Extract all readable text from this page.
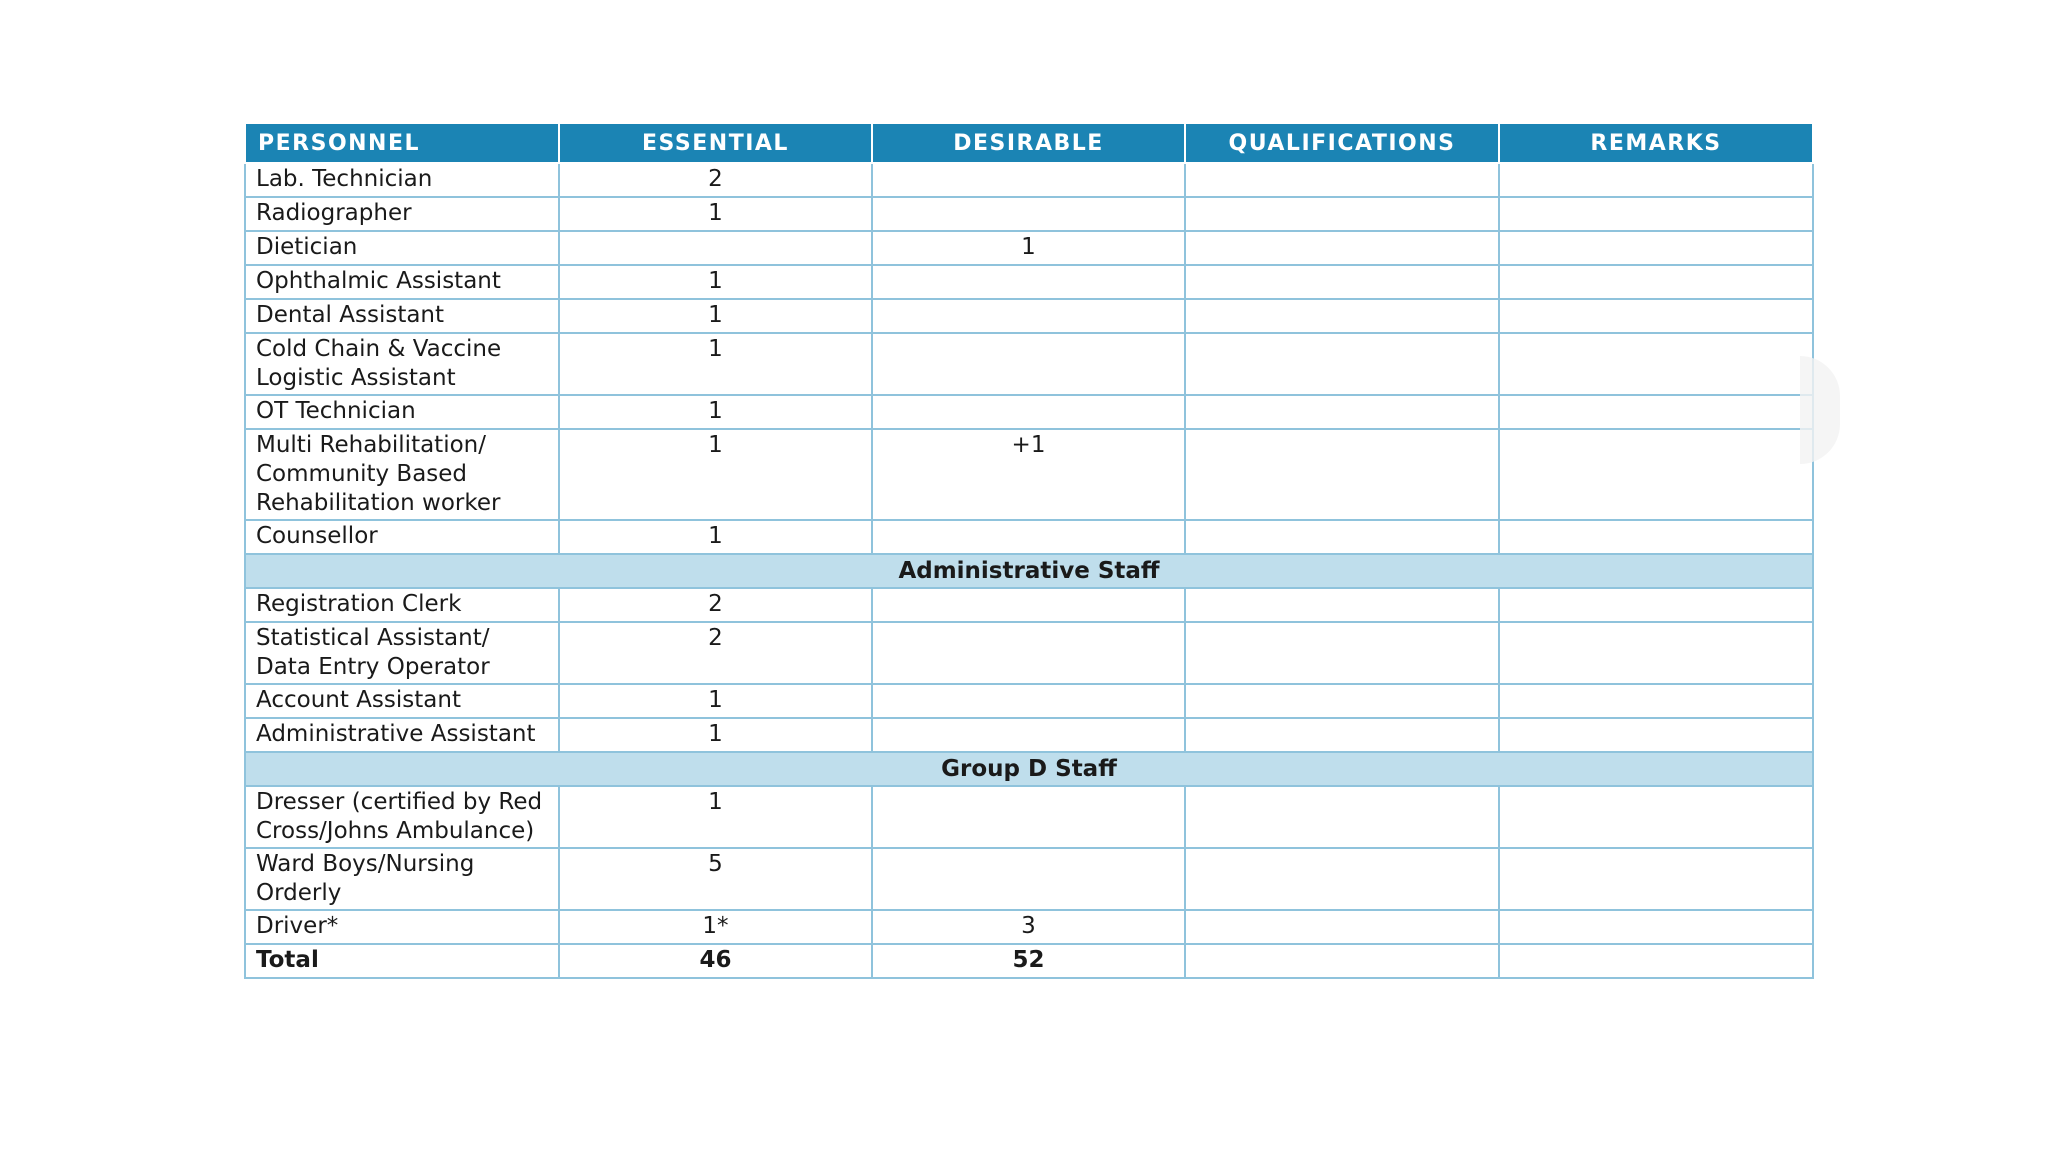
PERSONNEL	ESSENTIAL	DESIRABLE	QUALIFICATIONS	REMARKS
Lab. Technician	2			
Radiographer	1			
Dietician		1		
Ophthalmic Assistant	1			
Dental Assistant	1			
Cold Chain & Vaccine Logistic Assistant	1			
OT Technician	1			
Multi Rehabilitation/ Community Based Rehabilitation worker	1	+1		
Counsellor	1			
Administrative Staff				
Registration Clerk	2			
Statistical Assistant/ Data Entry Operator	2			
Account Assistant	1			
Administrative Assistant	1			
Group D Staff				
Dresser (certified by Red Cross/Johns Ambulance)	1			
Ward Boys/Nursing Orderly	5			
Driver*	1*	3		
Total	46	52		
